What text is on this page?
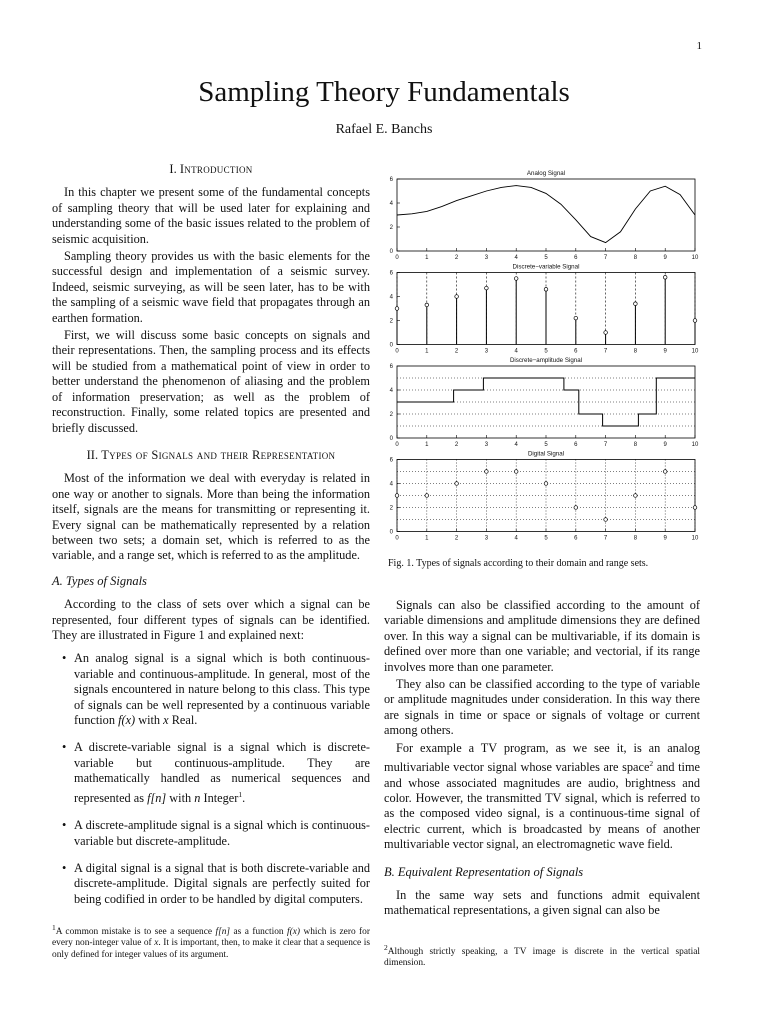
1
Sampling Theory Fundamentals
Rafael E. Banchs
I. Introduction

In this chapter we present some of the fundamental concepts of sampling theory that will be used later for explaining and understanding some of the basic issues related to the problem of seismic acquisition.

Sampling theory provides us with the basic elements for the successful design and implementation of a seismic survey. Indeed, seismic surveying, as will be seen later, has to be with the sampling of a seismic wave field that propagates through an earthen formation.

First, we will discuss some basic concepts on signals and their representations. Then, the sampling process and its effects will be studied from a mathematical point of view in order to better understand the phenomenon of aliasing and the problem of information preservation; as well as the problem of reconstruction. Finally, some related topics are presented and briefly discussed.

II. Types of Signals and their Representation

Most of the information we deal with everyday is related in one way or another to signals. More than being the information itself, signals are the means for transmitting or representing it. Every signal can be mathematically represented by a relation between two sets; a domain set, which is referred to as the variable, and a range set, which is referred to as the amplitude.

A. Types of Signals

According to the class of sets over which a signal can be represented, four different types of signals can be identified. They are illustrated in Figure 1 and explained next:

• An analog signal is a signal which is both continuous-variable and continuous-amplitude. In general, most of the signals encountered in nature belong to this class. This type of signals can be well represented by a continuous variable function f(x) with x Real.
• A discrete-variable signal is a signal which is discrete-variable but continuous-amplitude. They are mathematically handled as numerical sequences and represented as f[n] with n Integer$^1$.
• A discrete-amplitude signal is a signal which is continuous-variable but discrete-amplitude.
• A digital signal is a signal that is both discrete-variable and discrete-amplitude. Digital signals are perfectly suited for being codified in order to be handled by digital computers.
$^1$A common mistake is to see a sequence f[n] as a function f(x) which is zero for every non-integer value of x. It is important, then, to make it clear that a sequence is only defined for integer values of its argument.
Analog Signal
0	1	2	3	4	5	6	7	8	9	10
0
2
4
6
Discrete−variable Signal
0	1	2	3	4	5	6	7	8	9	10
0
2
4
6
Discrete−amplitude Signal
0	1	2	3	4	5	6	7	8	9	10
0
2
4
6
Digital Signal
0	1	2	3	4	5	6	7	8	9	10
0
2
4
6
Fig. 1. Types of signals according to their domain and range sets.

Signals can also be classified according to the amount of variable dimensions and amplitude dimensions they are defined over. In this way a signal can be multivariable, if its domain is defined over more than one variable; and vectorial, if its range involves more than one parameter.

They also can be classified according to the type of variable or amplitude magnitudes under consideration. In this way there are signals in time or space or signals of voltage or current among others.

For example a TV program, as we see it, is an analog multivariable vector signal whose variables are space$^2$ and time and whose associated magnitudes are audio, brightness and color. However, the transmitted TV signal, which is referred to as the composed video signal, is a continuous-time signal of electric current, which is broadcasted by means of another multivariable vector signal, an electromagnetic wave field.

B. Equivalent Representation of Signals

In the same way sets and functions admit equivalent mathematical representations, a given signal can also be

$^2$Although strictly speaking, a TV image is discrete in the vertical spatial dimension.
